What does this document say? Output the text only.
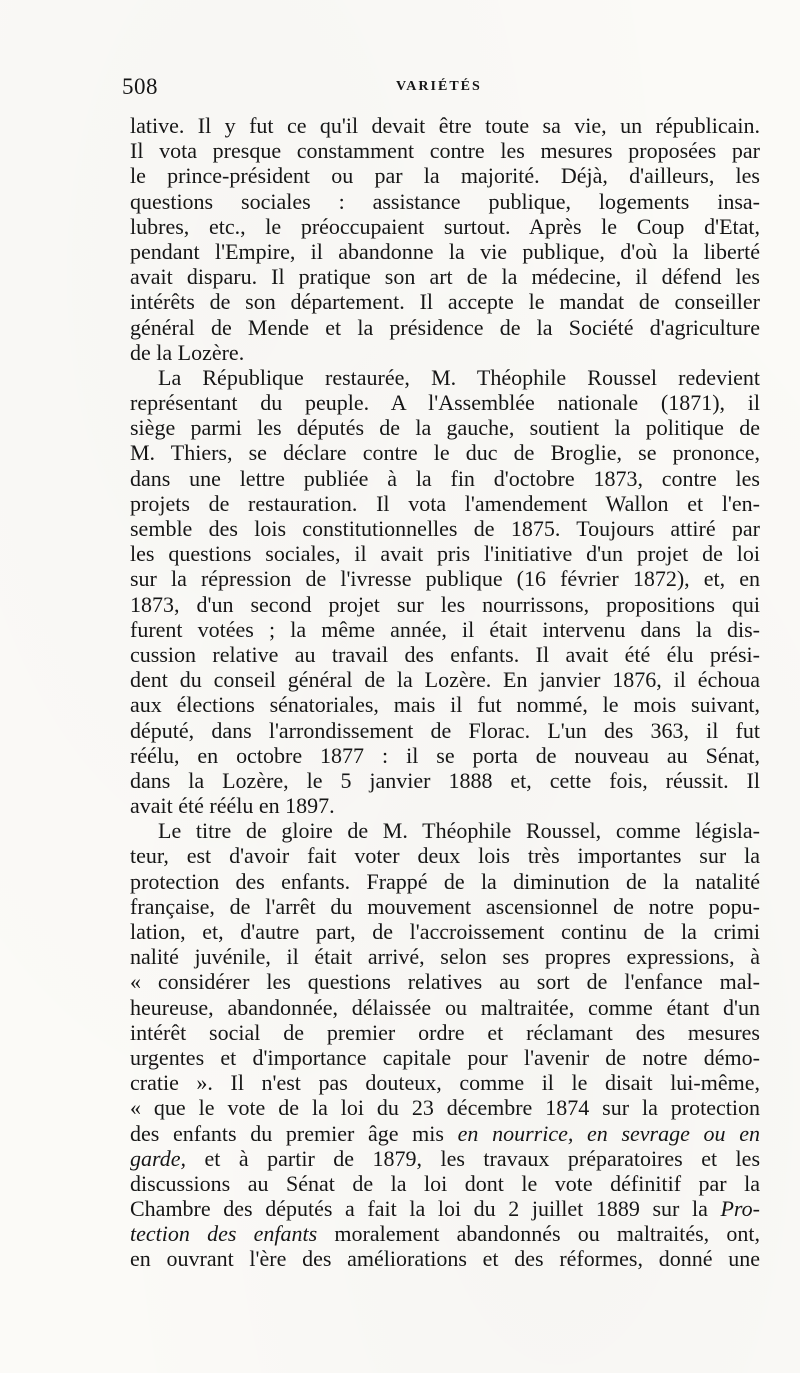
508	VARIÉTÉS
lative. Il y fut ce qu'il devait être toute sa vie, un républicain.
Il vota presque constamment contre les mesures proposées par
le prince-président ou par la majorité. Déjà, d'ailleurs, les
questions sociales : assistance publique, logements insa-
lubres, etc., le préoccupaient surtout. Après le Coup d'Etat,
pendant l'Empire, il abandonne la vie publique, d'où la liberté
avait disparu. Il pratique son art de la médecine, il défend les
intérêts de son département. Il accepte le mandat de conseiller
général de Mende et la présidence de la Société d'agriculture
de la Lozère.
La République restaurée, M. Théophile Roussel redevient
représentant du peuple. A l'Assemblée nationale (1871), il
siège parmi les députés de la gauche, soutient la politique de
M. Thiers, se déclare contre le duc de Broglie, se prononce,
dans une lettre publiée à la fin d'octobre 1873, contre les
projets de restauration. Il vota l'amendement Wallon et l'en-
semble des lois constitutionnelles de 1875. Toujours attiré par
les questions sociales, il avait pris l'initiative d'un projet de loi
sur la répression de l'ivresse publique (16 février 1872), et, en
1873, d'un second projet sur les nourrissons, propositions qui
furent votées ; la même année, il était intervenu dans la dis-
cussion relative au travail des enfants. Il avait été élu prési-
dent du conseil général de la Lozère. En janvier 1876, il échoua
aux élections sénatoriales, mais il fut nommé, le mois suivant,
député, dans l'arrondissement de Florac. L'un des 363, il fut
réélu, en octobre 1877 : il se porta de nouveau au Sénat,
dans la Lozère, le 5 janvier 1888 et, cette fois, réussit. Il
avait été réélu en 1897.
Le titre de gloire de M. Théophile Roussel, comme législa-
teur, est d'avoir fait voter deux lois très importantes sur la
protection des enfants. Frappé de la diminution de la natalité
française, de l'arrêt du mouvement ascensionnel de notre popu-
lation, et, d'autre part, de l'accroissement continu de la crimi
nalité juvénile, il était arrivé, selon ses propres expressions, à
« considérer les questions relatives au sort de l'enfance mal-
heureuse, abandonnée, délaissée ou maltraitée, comme étant d'un
intérêt social de premier ordre et réclamant des mesures
urgentes et d'importance capitale pour l'avenir de notre démo-
cratie ». Il n'est pas douteux, comme il le disait lui-même,
« que le vote de la loi du 23 décembre 1874 sur la protection
des enfants du premier âge mis en nourrice, en sevrage ou en
garde, et à partir de 1879, les travaux préparatoires et les
discussions au Sénat de la loi dont le vote définitif par la
Chambre des députés a fait la loi du 2 juillet 1889 sur la Pro-
tection des enfants moralement abandonnés ou maltraités, ont,
en ouvrant l'ère des améliorations et des réformes, donné une
